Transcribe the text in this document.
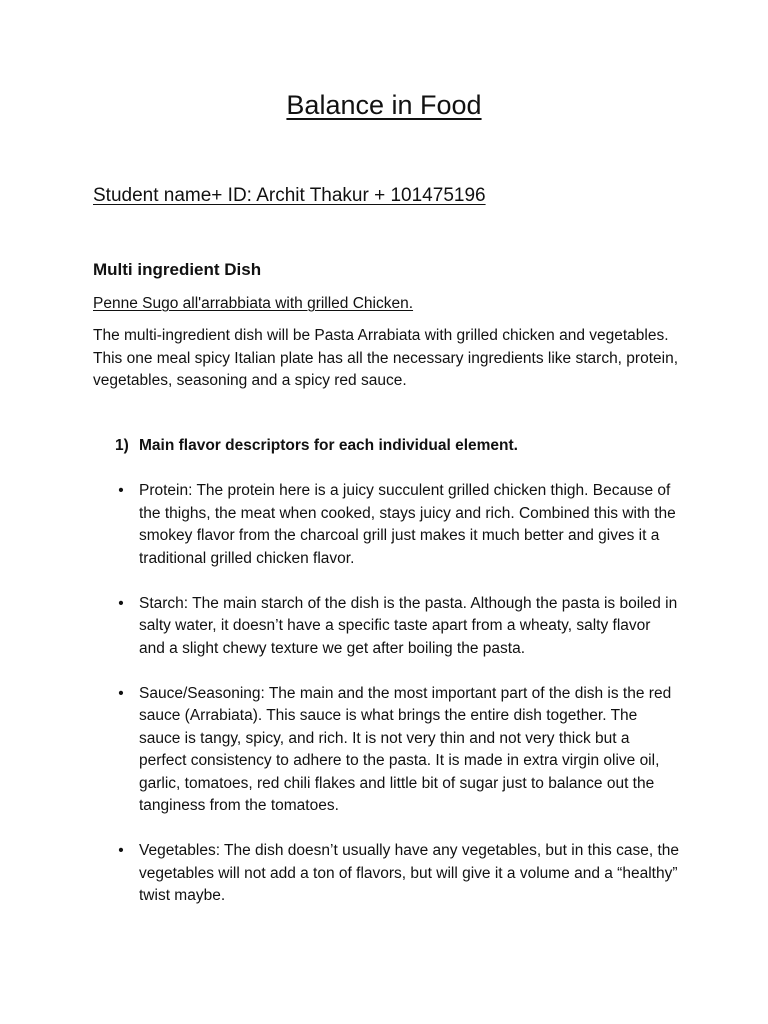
Balance in Food
Student name+ ID: Archit Thakur + 101475196
Multi ingredient Dish
Penne Sugo all'arrabbiata with grilled Chicken.

The multi-ingredient dish will be Pasta Arrabiata with grilled chicken and vegetables. This one meal spicy Italian plate has all the necessary ingredients like starch, protein, vegetables, seasoning and a spicy red sauce.

1) Main flavor descriptors for each individual element.
• Protein: The protein here is a juicy succulent grilled chicken thigh. Because of the thighs, the meat when cooked, stays juicy and rich. Combined this with the smokey flavor from the charcoal grill just makes it much better and gives it a traditional grilled chicken flavor.
• Starch: The main starch of the dish is the pasta. Although the pasta is boiled in salty water, it doesn’t have a specific taste apart from a wheaty, salty flavor and a slight chewy texture we get after boiling the pasta.
• Sauce/Seasoning: The main and the most important part of the dish is the red sauce (Arrabiata). This sauce is what brings the entire dish together. The sauce is tangy, spicy, and rich. It is not very thin and not very thick but a perfect consistency to adhere to the pasta. It is made in extra virgin olive oil, garlic, tomatoes, red chili flakes and little bit of sugar just to balance out the tanginess from the tomatoes.
• Vegetables: The dish doesn’t usually have any vegetables, but in this case, the vegetables will not add a ton of flavors, but will give it a volume and a “healthy” twist maybe.
